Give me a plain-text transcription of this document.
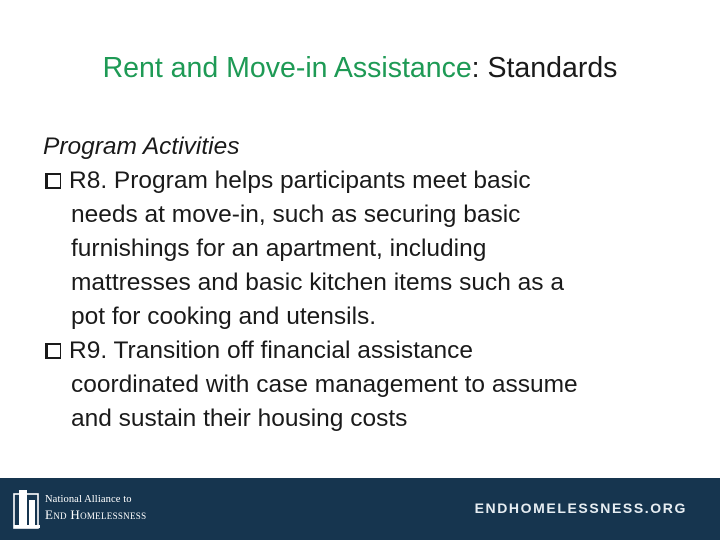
Rent and Move-in Assistance: Standards
Program Activities
R8. Program helps participants meet basic
needs at move-in, such as securing basic
furnishings for an apartment, including
mattresses and basic kitchen items such as a
pot for cooking and utensils.
R9. Transition off financial assistance
coordinated with case management to assume
and sustain their housing costs
National Alliance to
End Homelessness	ENDHOMELESSNESS.ORG
